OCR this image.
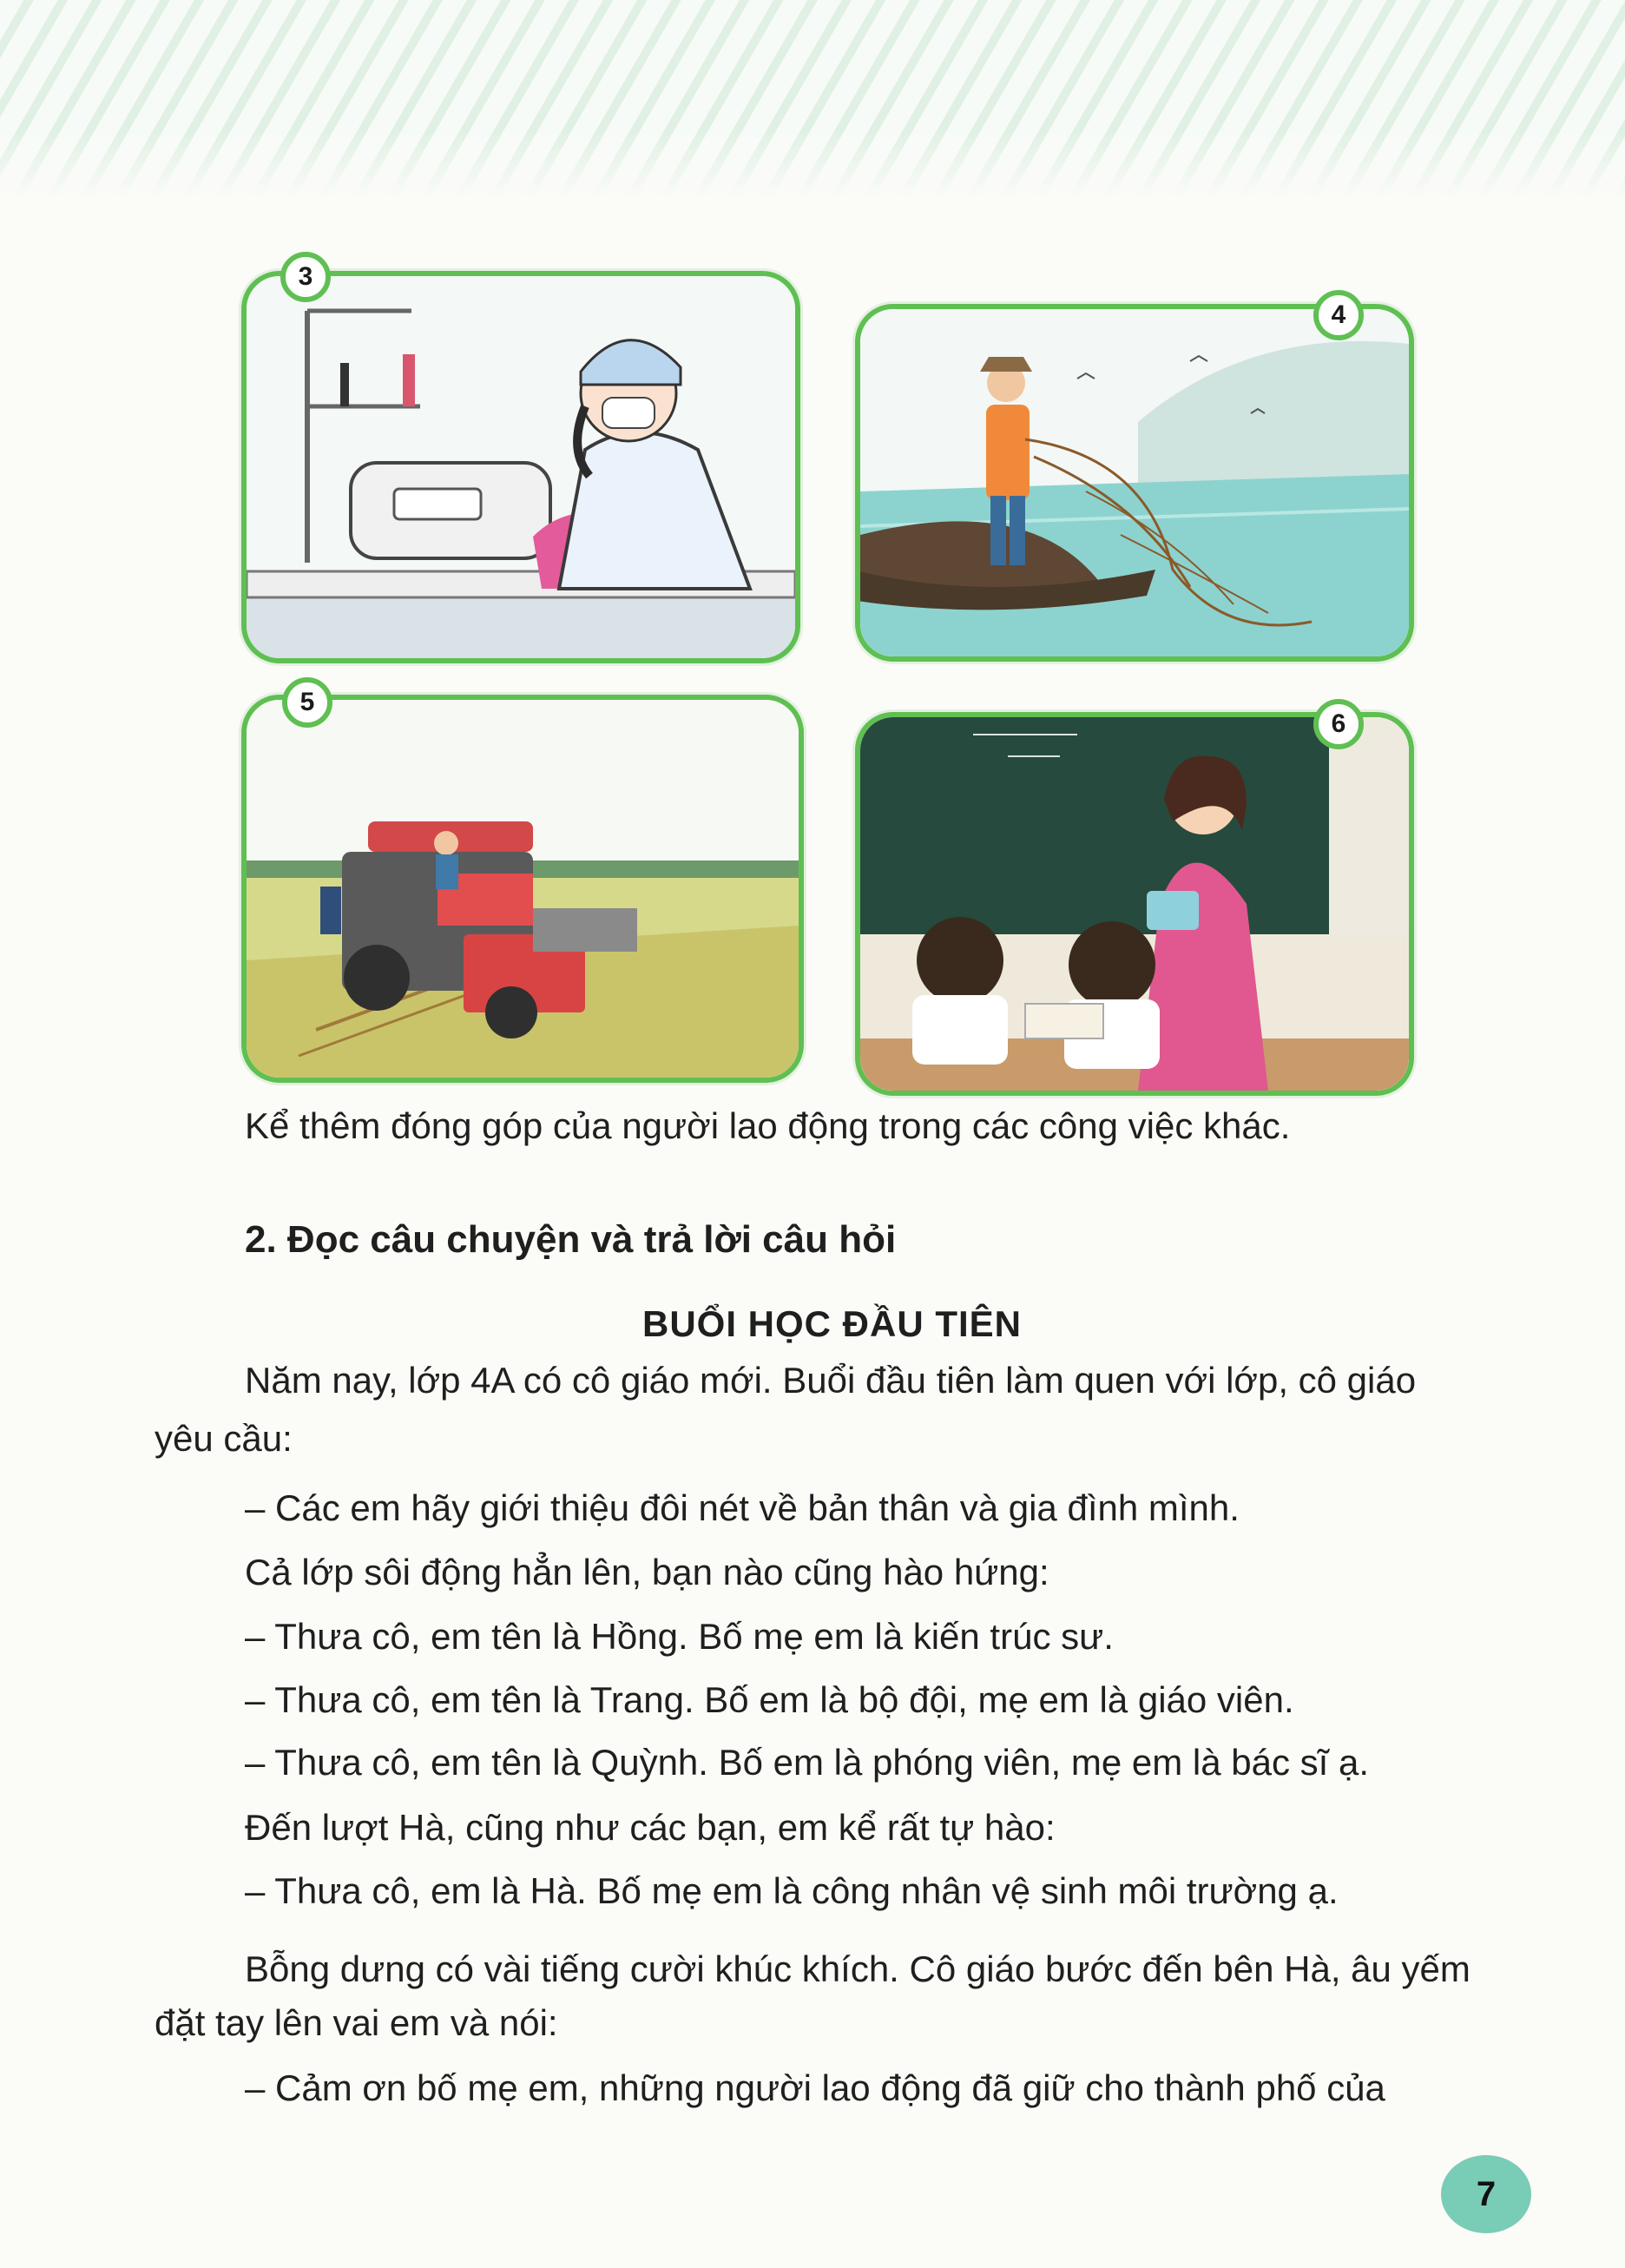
3
4
5
6
Kể thêm đóng góp của người lao động trong các công việc khác.
2. Đọc câu chuyện và trả lời câu hỏi
BUỔI HỌC ĐẦU TIÊN
Năm nay, lớp 4A có cô giáo mới. Buổi đầu tiên làm quen với lớp, cô giáo
yêu cầu:
– Các em hãy giới thiệu đôi nét về bản thân và gia đình mình.
Cả lớp sôi động hẳn lên, bạn nào cũng hào hứng:
– Thưa cô, em tên là Hồng. Bố mẹ em là kiến trúc sư.
– Thưa cô, em tên là Trang. Bố em là bộ đội, mẹ em là giáo viên.
– Thưa cô, em tên là Quỳnh. Bố em là phóng viên, mẹ em là bác sĩ ạ.
Đến lượt Hà, cũng như các bạn, em kể rất tự hào:
– Thưa cô, em là Hà. Bố mẹ em là công nhân vệ sinh môi trường ạ.
Bỗng dưng có vài tiếng cười khúc khích. Cô giáo bước đến bên Hà, âu yếm
đặt tay lên vai em và nói:
– Cảm ơn bố mẹ em, những người lao động đã giữ cho thành phố của
7
